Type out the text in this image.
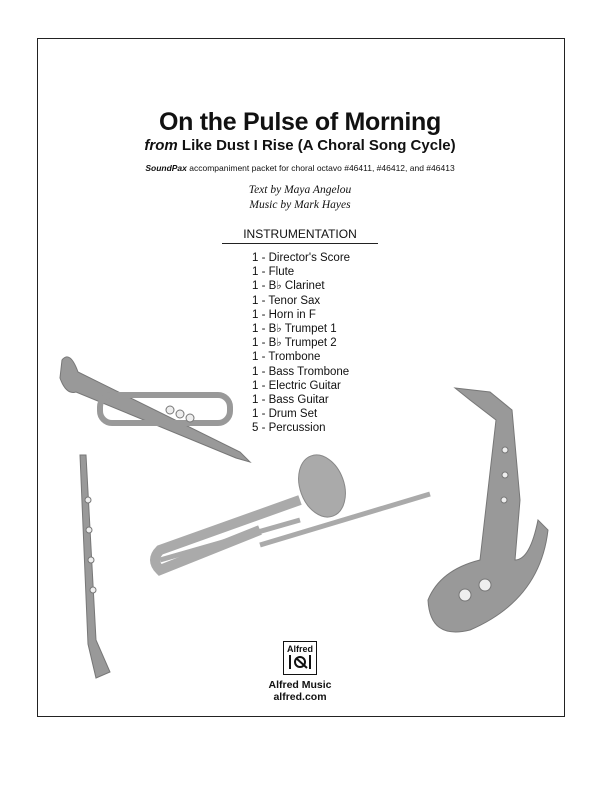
On the Pulse of Morning
from Like Dust I Rise (A Choral Song Cycle)
SoundPax accompaniment packet for choral octavo #46411, #46412, and #46413
Text by Maya Angelou
Music by Mark Hayes
INSTRUMENTATION
1 - Director's Score
1 - Flute
1 - B♭ Clarinet
1 - Tenor Sax
1 - Horn in F
1 - B♭ Trumpet 1
1 - B♭ Trumpet 2
1 - Trombone
1 - Bass Trombone
1 - Electric Guitar
1 - Bass Guitar
1 - Drum Set
5 - Percussion
Alfred
Alfred Music
alfred.com
